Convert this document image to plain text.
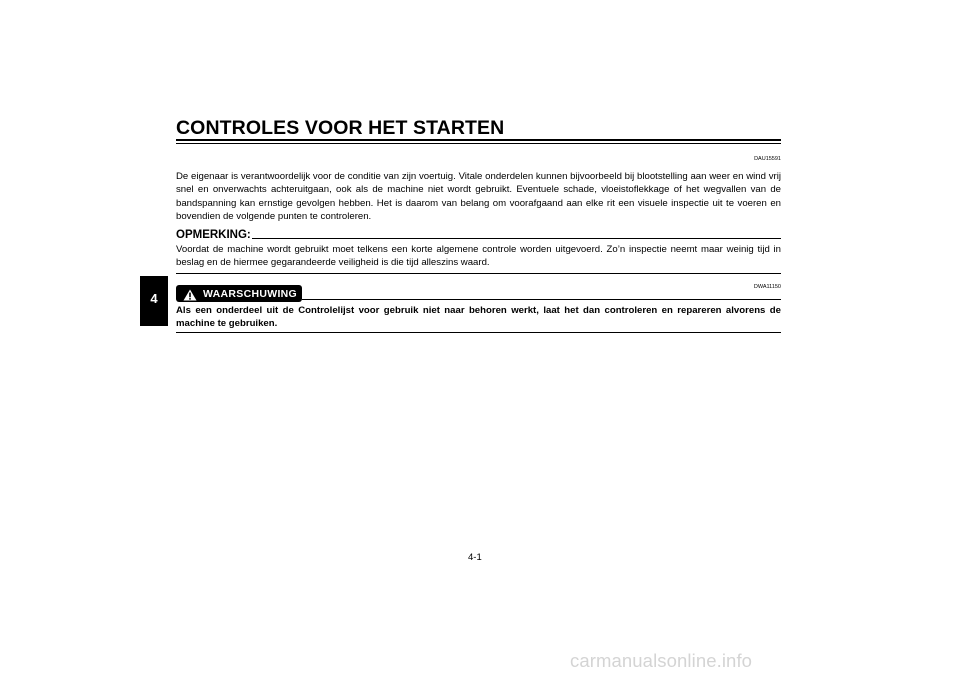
4
CONTROLES VOOR HET STARTEN
DAU15591

De eigenaar is verantwoordelijk voor de conditie van zijn voertuig. Vitale onderdelen kunnen bijvoorbeeld bij blootstelling aan weer en wind vrij snel en onverwachts achteruitgaan, ook als de machine niet wordt gebruikt. Eventuele schade, vloeistoflekkage of het wegvallen van de bandspanning kan ernstige gevolgen hebben. Het is daarom van belang om voorafgaand aan elke rit een visuele inspectie uit te voeren en bovendien de volgende punten te controleren.

OPMERKING:

Voordat de machine wordt gebruikt moet telkens een korte algemene controle worden uitgevoerd. Zo’n inspectie neemt maar weinig tijd in beslag en de hiermee gegarandeerde veiligheid is die tijd alleszins waard.

DWA11150
WAARSCHUWING

Als een onderdeel uit de Controlelijst voor gebruik niet naar behoren werkt, laat het dan controleren en repareren alvorens de machine te gebruiken.

4-1
carmanualsonline.info
